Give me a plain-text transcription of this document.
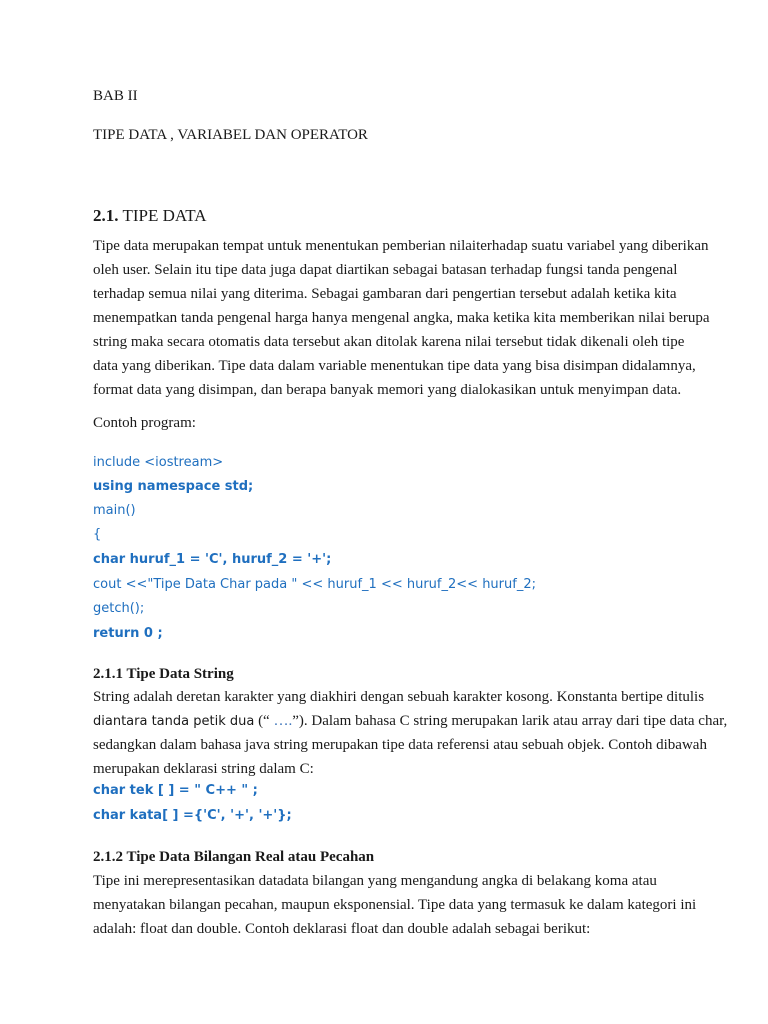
BAB II
TIPE DATA , VARIABEL DAN OPERATOR
2.1. TIPE DATA
Tipe data merupakan tempat untuk menentukan pemberian nilaiterhadap suatu variabel yang diberikan
oleh user. Selain itu tipe data juga dapat diartikan sebagai batasan terhadap fungsi tanda pengenal
terhadap semua nilai yang diterima. Sebagai gambaran dari pengertian tersebut adalah ketika kita
menempatkan tanda pengenal harga hanya mengenal angka, maka ketika kita memberikan nilai berupa
string maka secara otomatis data tersebut akan ditolak karena nilai tersebut tidak dikenali oleh tipe
data yang diberikan. Tipe data dalam variable menentukan tipe data yang bisa disimpan didalamnya,
format data yang disimpan, dan berapa banyak memori yang dialokasikan untuk menyimpan data.
Contoh program:
include <iostream>
using namespace std;
main()
{
char huruf_1 = 'C', huruf_2 = '+';
cout <<"Tipe Data Char pada " << huruf_1 << huruf_2<< huruf_2;
getch();
return 0 ;
2.1.1 Tipe Data String
String adalah deretan karakter yang diakhiri dengan sebuah karakter kosong. Konstanta bertipe ditulis
diantara tanda petik dua (“ ….”). Dalam bahasa C string merupakan larik atau array dari tipe data char,
sedangkan dalam bahasa java string merupakan tipe data referensi atau sebuah objek. Contoh dibawah
merupakan deklarasi string dalam C:
char tek [ ] = " C++ " ;
char kata[ ] ={'C', '+', '+'};
2.1.2 Tipe Data Bilangan Real atau Pecahan
Tipe ini merepresentasikan datadata bilangan yang mengandung angka di belakang koma atau
menyatakan bilangan pecahan, maupun eksponensial. Tipe data yang termasuk ke dalam kategori ini
adalah: float dan double. Contoh deklarasi float dan double adalah sebagai berikut:
